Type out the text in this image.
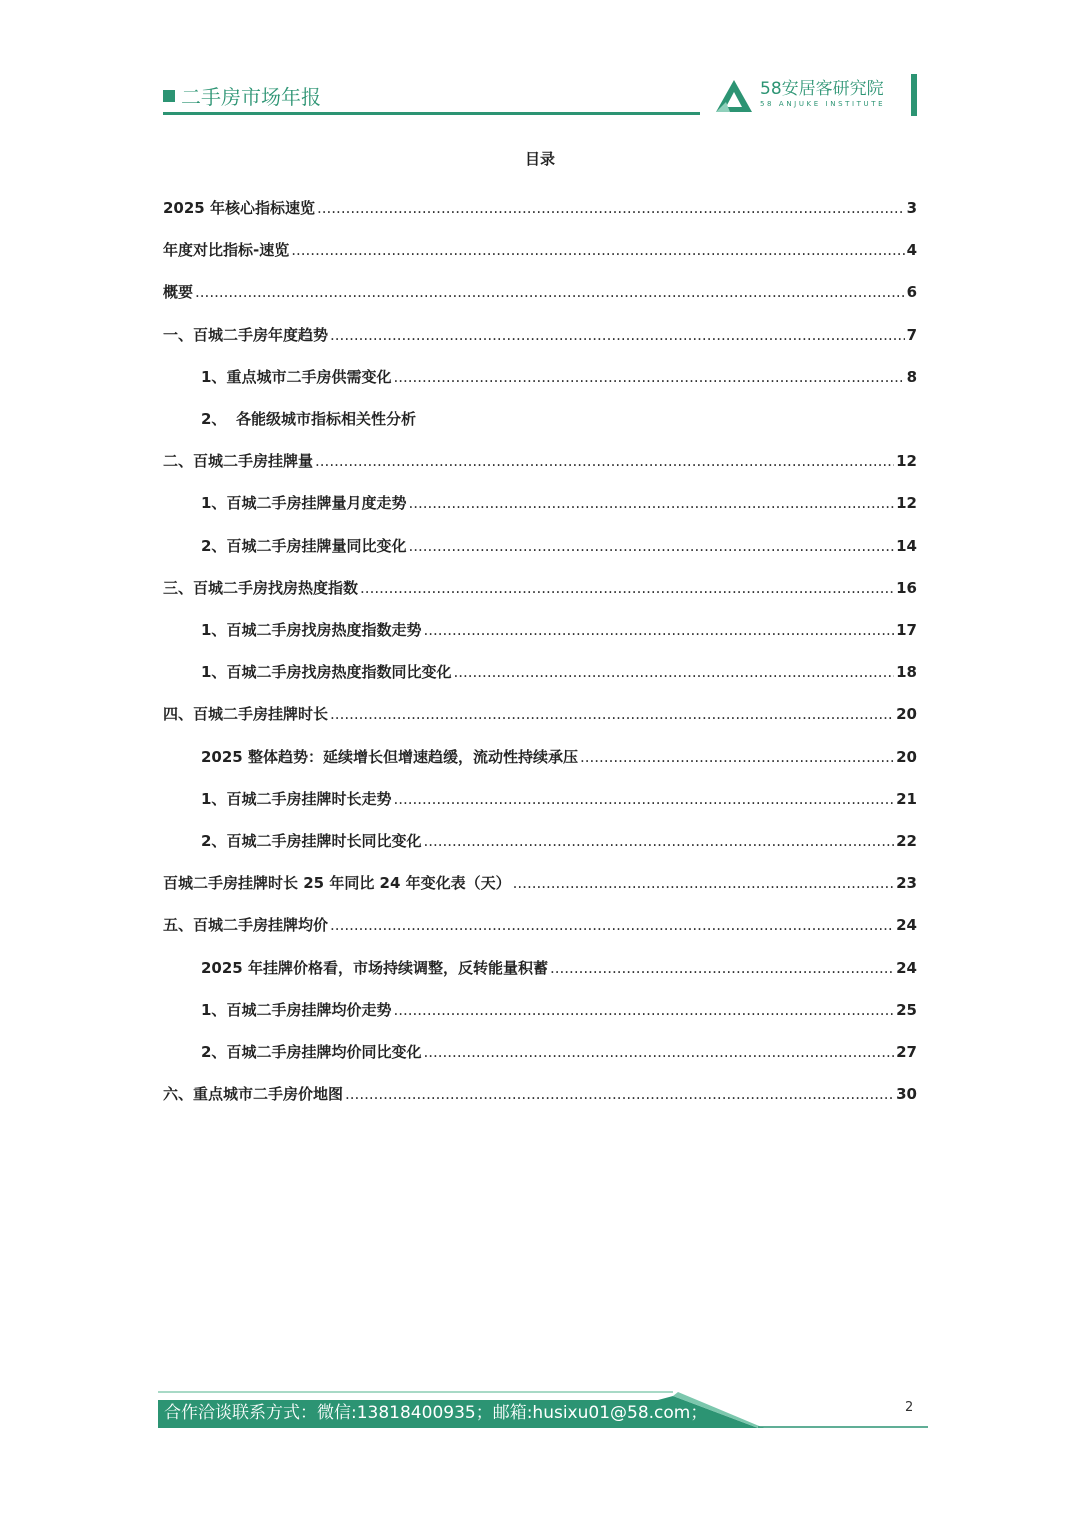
二手房市场年报	58安居客研究院
58 ANJUKE INSTITUTE
目录
2025 年核心指标速览 .....	3
年度对比指标-速览 .....	4
概要 .....	6
一、百城二手房年度趋势 .....	7
1、 重点城市二手房供需变化 .....	8
2、 各能级城市指标相关性分析
二、百城二手房挂牌量 .....	12
1、 百城二手房挂牌量月度走势 .....	12
2、 百城二手房挂牌量同比变化 .....	14
三、 百城二手房找房热度指数 .....	16
1、 百城二手房找房热度指数走势 .....	17
1、 百城二手房找房热度指数同比变化 .....	18
四、 百城二手房挂牌时长 .....	20
2025 整体趋势：延续增长但增速趋缓，流动性持续承压 .....	20
1、 百城二手房挂牌时长走势 .....	21
2、 百城二手房挂牌时长同比变化 .....	22
百城二手房挂牌时长 25 年同比 24 年变化表（天） .....	23
五、 百城二手房挂牌均价 .....	24
2025 年挂牌价格看，市场持续调整，反转能量积蓄 .....	24
1、 百城二手房挂牌均价走势 .....	25
2、 百城二手房挂牌均价同比变化 .....	27
六、重点城市二手房价地图 .....	30
合作洽谈联系方式：微信:13818400935；邮箱:husixu01@58.com；	2
